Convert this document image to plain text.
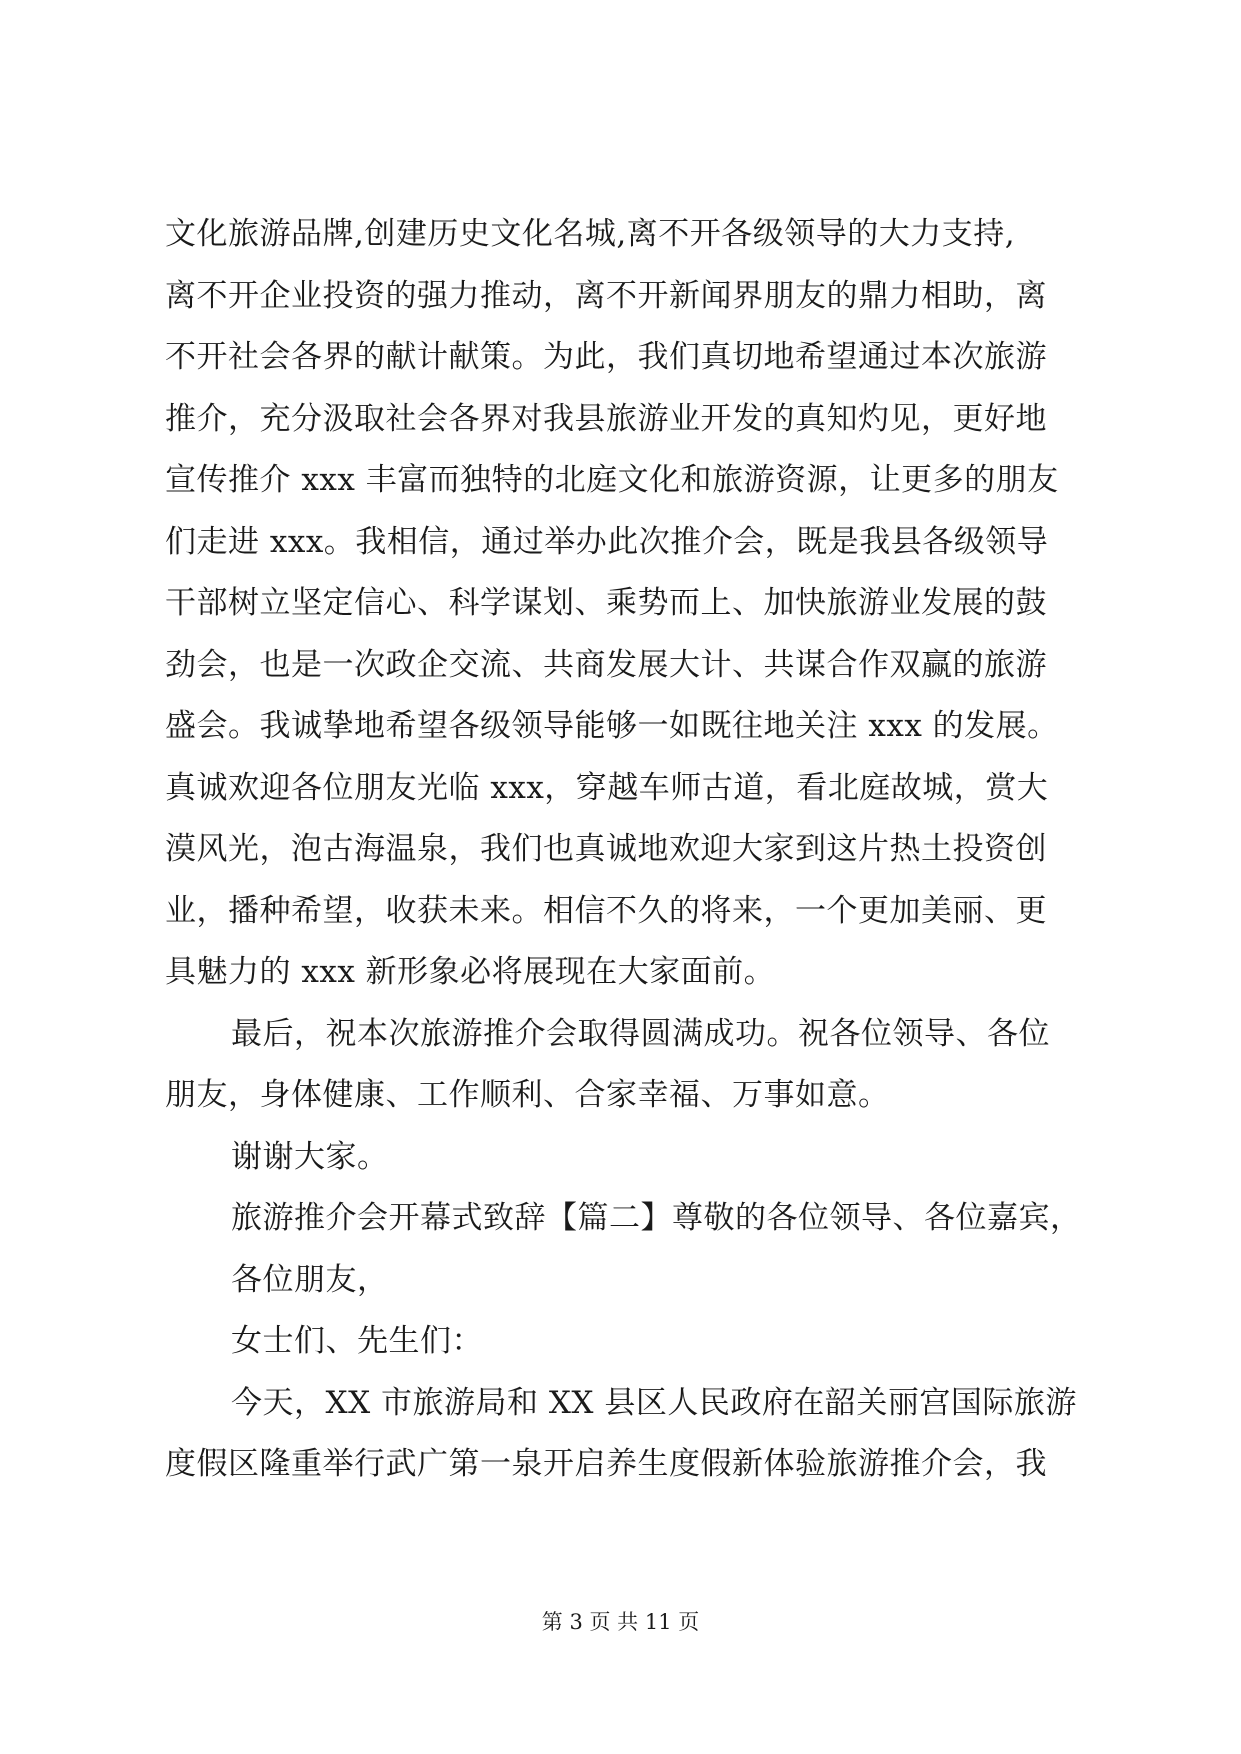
文化旅游品牌,创建历史文化名城,离不开各级领导的大力支持,
离不开企业投资的强力推动，离不开新闻界朋友的鼎力相助，离
不开社会各界的献计献策。为此，我们真切地希望通过本次旅游
推介，充分汲取社会各界对我县旅游业开发的真知灼见，更好地
宣传推介 xxx 丰富而独特的北庭文化和旅游资源，让更多的朋友
们走进 xxx。我相信，通过举办此次推介会，既是我县各级领导
干部树立坚定信心、科学谋划、乘势而上、加快旅游业发展的鼓
劲会，也是一次政企交流、共商发展大计、共谋合作双赢的旅游
盛会。我诚挚地希望各级领导能够一如既往地关注 xxx 的发展。
真诚欢迎各位朋友光临 xxx，穿越车师古道，看北庭故城，赏大
漠风光，泡古海温泉，我们也真诚地欢迎大家到这片热土投资创
业，播种希望，收获未来。相信不久的将来，一个更加美丽、更
具魅力的 xxx 新形象必将展现在大家面前。
最后，祝本次旅游推介会取得圆满成功。祝各位领导、各位
朋友，身体健康、工作顺利、合家幸福、万事如意。
谢谢大家。
旅游推介会开幕式致辞【篇二】尊敬的各位领导、各位嘉宾，
各位朋友，
女士们、先生们：
今天，XX 市旅游局和 XX 县区人民政府在韶关丽宫国际旅游
度假区隆重举行武广第一泉开启养生度假新体验旅游推介会，我
第 3 页 共 11 页
